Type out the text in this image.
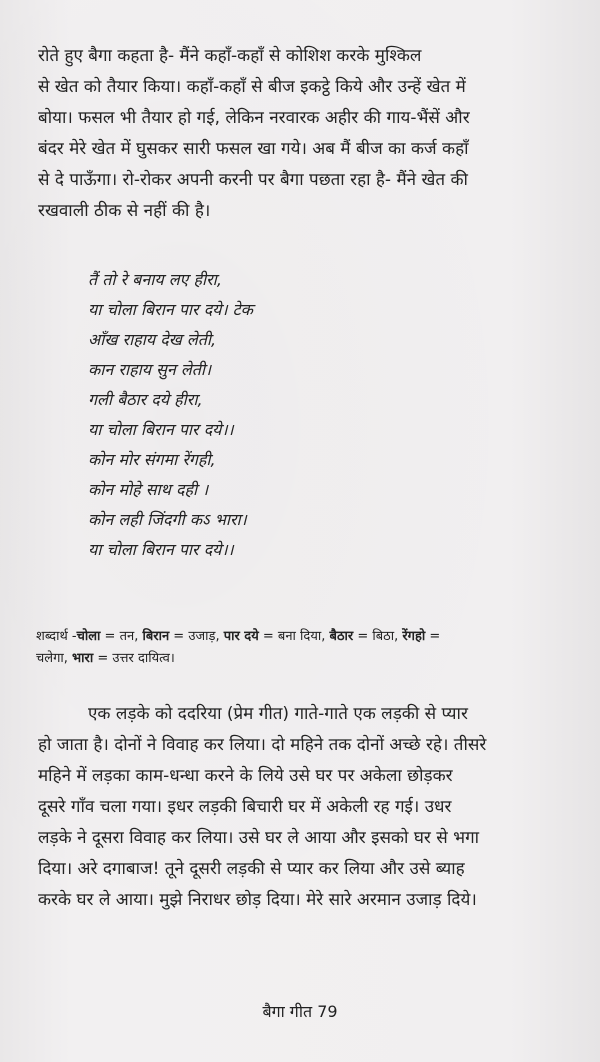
रोते हुए बैगा कहता है- मैंने कहाँ-कहाँ से कोशिश करके मुश्किल
से खेत को तैयार किया। कहाँ-कहाँ से बीज इकट्ठे किये और उन्हें खेत में
बोया। फसल भी तैयार हो गई, लेकिन नरवारक अहीर की गाय-भैंसें और
बंदर मेरे खेत में घुसकर सारी फसल खा गये। अब मैं बीज का कर्ज कहाँ
से दे पाऊँगा। रो-रोकर अपनी करनी पर बैगा पछता रहा है- मैंने खेत की
रखवाली ठीक से नहीं की है।

तैं तो रे बनाय लए हीरा,
या चोला बिरान पार दये। टेक
आँख राहाय देख लेती,
कान राहाय सुन लेती।
गली बैठार दये हीरा,
या चोला बिरान पार दये।।
कोन मोर संगमा रेंगही,
कोन मोहे साथ दही ।
कोन लही जिंदगी कऽ भारा।
या चोला बिरान पार दये।।

शब्दार्थ -चोला = तन, बिरान = उजाड़, पार दये = बना दिया, बैठार = बिठा, रेंगहो =
चलेगा, भारा = उत्तर दायित्व।

एक लड़के को ददरिया (प्रेम गीत) गाते-गाते एक लड़की से प्यार
हो जाता है। दोनों ने विवाह कर लिया। दो महिने तक दोनों अच्छे रहे। तीसरे
महिने में लड़का काम-धन्धा करने के लिये उसे घर पर अकेला छोड़कर
दूसरे गाँव चला गया। इधर लड़की बिचारी घर में अकेली रह गई। उधर
लड़के ने दूसरा विवाह कर लिया। उसे घर ले आया और इसको घर से भगा
दिया। अरे दगाबाज! तूने दूसरी लड़की से प्यार कर लिया और उसे ब्याह
करके घर ले आया। मुझे निराधर छोड़ दिया। मेरे सारे अरमान उजाड़ दिये।

बैगा गीत 79
